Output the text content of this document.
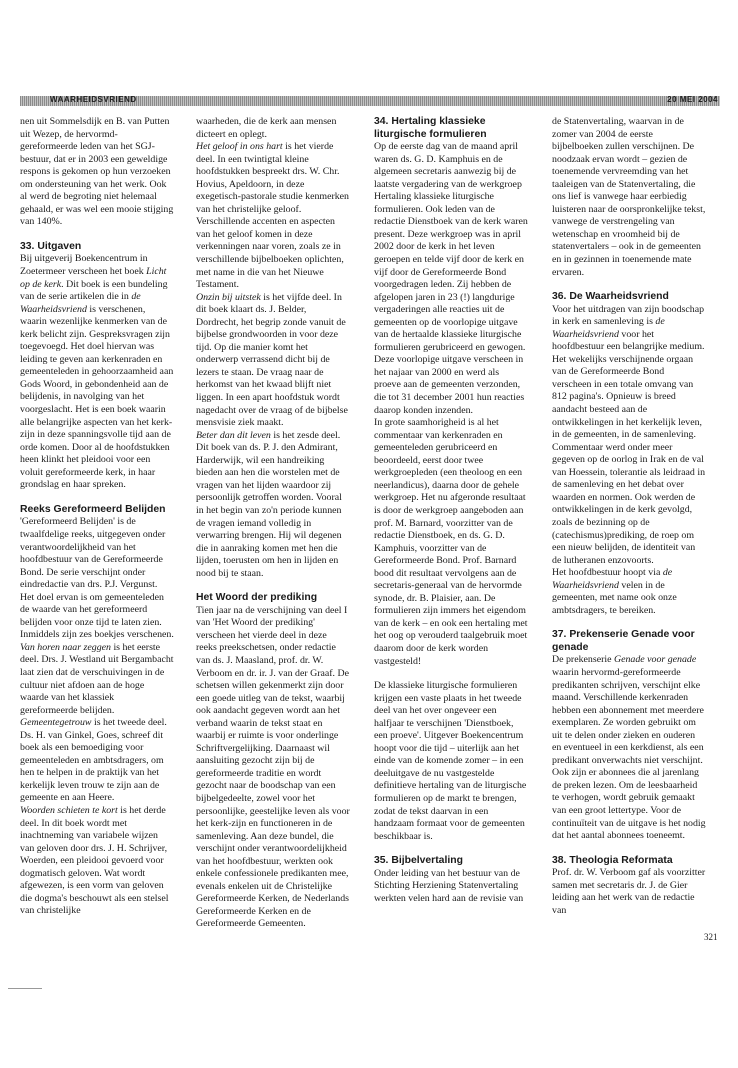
WAARHEIDSVRIEND	20 MEI 2004

nen uit Sommelsdijk en B. van Putten uit Wezep, de hervormd-gereformeerde leden van het SGJ-bestuur, dat er in 2003 een geweldige respons is gekomen op hun verzoeken om ondersteuning van het werk. Ook al werd de begroting niet helemaal gehaald, er was wel een mooie stijging van 140%.

33. Uitgaven

Bij uitgeverij Boekencentrum in Zoetermeer verscheen het boek Licht op de kerk. Dit boek is een bundeling van de serie artikelen die in de Waarheidsvriend is verschenen, waarin wezenlijke kenmerken van de kerk belicht zijn. Gespreksvragen zijn toegevoegd. Het doel hiervan was leiding te geven aan kerkenraden en gemeenteleden in gehoorzaamheid aan Gods Woord, in gebondenheid aan de belijdenis, in navolging van het voorgeslacht. Het is een boek waarin alle belangrijke aspecten van het kerk-zijn in deze spanningsvolle tijd aan de orde komen. Door al de hoofdstukken heen klinkt het pleidooi voor een voluit gereformeerde kerk, in haar grondslag en haar spreken.

Reeks Gereformeerd Belijden

'Gereformeerd Belijden' is de twaalfdelige reeks, uitgegeven onder verantwoordelijkheid van het hoofdbestuur van de Gereformeerde Bond. De serie verschijnt onder eindredactie van drs. P.J. Vergunst. Het doel ervan is om gemeenteleden de waarde van het gereformeerd belijden voor onze tijd te laten zien. Inmiddels zijn zes boekjes verschenen.

Van horen naar zeggen is het eerste deel. Drs. J. Westland uit Bergambacht laat zien dat de verschuivingen in de cultuur niet afdoen aan de hoge waarde van het klassiek gereformeerde belijden.

Gemeentegetrouw is het tweede deel. Ds. H. van Ginkel, Goes, schreef dit boek als een bemoediging voor gemeenteleden en ambtsdragers, om hen te helpen in de praktijk van het kerkelijk leven trouw te zijn aan de gemeente en aan Heere.

Woorden schieten te kort is het derde deel. In dit boek wordt met inachtneming van variabele wijzen van geloven door drs. J. H. Schrijver, Woerden, een pleidooi gevoerd voor dogmatisch geloven. Wat wordt afgewezen, is een vorm van geloven die dogma's beschouwt als een stelsel van christelijke

waarheden, die de kerk aan mensen dicteert en oplegt.

Het geloof in ons hart is het vierde deel. In een twintigtal kleine hoofdstukken bespreekt drs. W. Chr. Hovius, Apeldoorn, in deze exegetisch-pastorale studie kenmerken van het christelijke geloof. Verschillende accenten en aspecten van het geloof komen in deze verkenningen naar voren, zoals ze in verschillende bijbelboeken oplichten, met name in die van het Nieuwe Testament.

Onzin bij uitstek is het vijfde deel. In dit boek klaart ds. J. Belder, Dordrecht, het begrip zonde vanuit de bijbelse grondwoorden in voor deze tijd. Op die manier komt het onderwerp verrassend dicht bij de lezers te staan. De vraag naar de herkomst van het kwaad blijft niet liggen. In een apart hoofdstuk wordt nagedacht over de vraag of de bijbelse mensvisie ziek maakt.

Beter dan dit leven is het zesde deel. Dit boek van ds. P. J. den Admirant, Harderwijk, wil een handreiking bieden aan hen die worstelen met de vragen van het lijden waardoor zij persoonlijk getroffen worden. Vooral in het begin van zo'n periode kunnen de vragen iemand volledig in verwarring brengen. Hij wil degenen die in aanraking komen met hen die lijden, toerusten om hen in lijden en nood bij te staan.

Het Woord der prediking

Tien jaar na de verschijning van deel I van 'Het Woord der prediking' verscheen het vierde deel in deze reeks preekschetsen, onder redactie van ds. J. Maasland, prof. dr. W. Verboom en dr. ir. J. van der Graaf. De schetsen willen gekenmerkt zijn door een goede uitleg van de tekst, waarbij ook aandacht gegeven wordt aan het verband waarin de tekst staat en waarbij er ruimte is voor onderlinge Schriftvergelijking. Daarnaast wil aansluiting gezocht zijn bij de gereformeerde traditie en wordt gezocht naar de boodschap van een bijbelgedeelte, zowel voor het persoonlijke, geestelijke leven als voor het kerk-zijn en functioneren in de samenleving. Aan deze bundel, die verschijnt onder verantwoordelijkheid van het hoofdbestuur, werkten ook enkele confessionele predikanten mee, evenals enkelen uit de Christelijke Gereformeerde Kerken, de Nederlands Gereformeerde Kerken en de Gereformeerde Gemeenten.

34. Hertaling klassieke liturgische formulieren

Op de eerste dag van de maand april waren ds. G. D. Kamphuis en de algemeen secretaris aanwezig bij de laatste vergadering van de werkgroep Hertaling klassieke liturgische formulieren. Ook leden van de redactie Dienstboek van de kerk waren present. Deze werkgroep was in april 2002 door de kerk in het leven geroepen en telde vijf door de kerk en vijf door de Gereformeerde Bond voorgedragen leden. Zij hebben de afgelopen jaren in 23 (!) langdurige vergaderingen alle reacties uit de gemeenten op de voorlopige uitgave van de hertaalde klassieke liturgische formulieren gerubriceerd en gewogen. Deze voorlopige uitgave verscheen in het najaar van 2000 en werd als proeve aan de gemeenten verzonden, die tot 31 december 2001 hun reacties daarop konden inzenden.

In grote saamhorigheid is al het commentaar van kerkenraden en gemeenteleden gerubriceerd en beoordeeld, eerst door twee werkgroepleden (een theoloog en een neerlandicus), daarna door de gehele werkgroep. Het nu afgeronde resultaat is door de werkgroep aangeboden aan prof. M. Barnard, voorzitter van de redactie Dienstboek, en ds. G. D. Kamphuis, voorzitter van de Gereformeerde Bond. Prof. Barnard bood dit resultaat vervolgens aan de secretaris-generaal van de hervormde synode, dr. B. Plaisier, aan. De formulieren zijn immers het eigendom van de kerk – en ook een hertaling met het oog op verouderd taalgebruik moet daarom door de kerk worden vastgesteld!

De klassieke liturgische formulieren krijgen een vaste plaats in het tweede deel van het over ongeveer een halfjaar te verschijnen 'Dienstboek, een proeve'. Uitgever Boekencentrum hoopt voor die tijd – uiterlijk aan het einde van de komende zomer – in een deeluitgave de nu vastgestelde definitieve hertaling van de liturgische formulieren op de markt te brengen, zodat de tekst daarvan in een handzaam formaat voor de gemeenten beschikbaar is.

35. Bijbelvertaling

Onder leiding van het bestuur van de Stichting Herziening Statenvertaling werkten velen hard aan de revisie van

de Statenvertaling, waarvan in de zomer van 2004 de eerste bijbelboeken zullen verschijnen. De noodzaak ervan wordt – gezien de toenemende vervreemding van het taaleigen van de Statenvertaling, die ons lief is vanwege haar eerbiedig luisteren naar de oorspronkelijke tekst, vanwege de verstrengeling van wetenschap en vroomheid bij de statenvertalers – ook in de gemeenten en in gezinnen in toenemende mate ervaren.

36. De Waarheidsvriend

Voor het uitdragen van zijn boodschap in kerk en samenleving is de Waarheidsvriend voor het hoofdbestuur een belangrijke medium. Het wekelijks verschijnende orgaan van de Gereformeerde Bond verscheen in een totale omvang van 812 pagina's. Opnieuw is breed aandacht besteed aan de ontwikkelingen in het kerkelijk leven, in de gemeenten, in de samenleving. Commentaar werd onder meer gegeven op de oorlog in Irak en de val van Hoessein, tolerantie als leidraad in de samenleving en het debat over waarden en normen. Ook werden de ontwikkelingen in de kerk gevolgd, zoals de bezinning op de (catechismus)prediking, de roep om een nieuw belijden, de identiteit van de lutheranen enzovoorts.

Het hoofdbestuur hoopt via de Waarheidsvriend velen in de gemeenten, met name ook onze ambtsdragers, te bereiken.

37. Prekenserie Genade voor genade

De prekenserie Genade voor genade waarin hervormd-gereformeerde predikanten schrijven, verschijnt elke maand. Verschillende kerkenraden hebben een abonnement met meerdere exemplaren. Ze worden gebruikt om uit te delen onder zieken en ouderen en eventueel in een kerkdienst, als een predikant onverwachts niet verschijnt. Ook zijn er abonnees die al jarenlang de preken lezen. Om de leesbaarheid te verhogen, wordt gebruik gemaakt van een groot lettertype. Voor de continuïteit van de uitgave is het nodig dat het aantal abonnees toeneemt.

38. Theologia Reformata

Prof. dr. W. Verboom gaf als voorzitter samen met secretaris dr. J. de Gier leiding aan het werk van de redactie van

321
